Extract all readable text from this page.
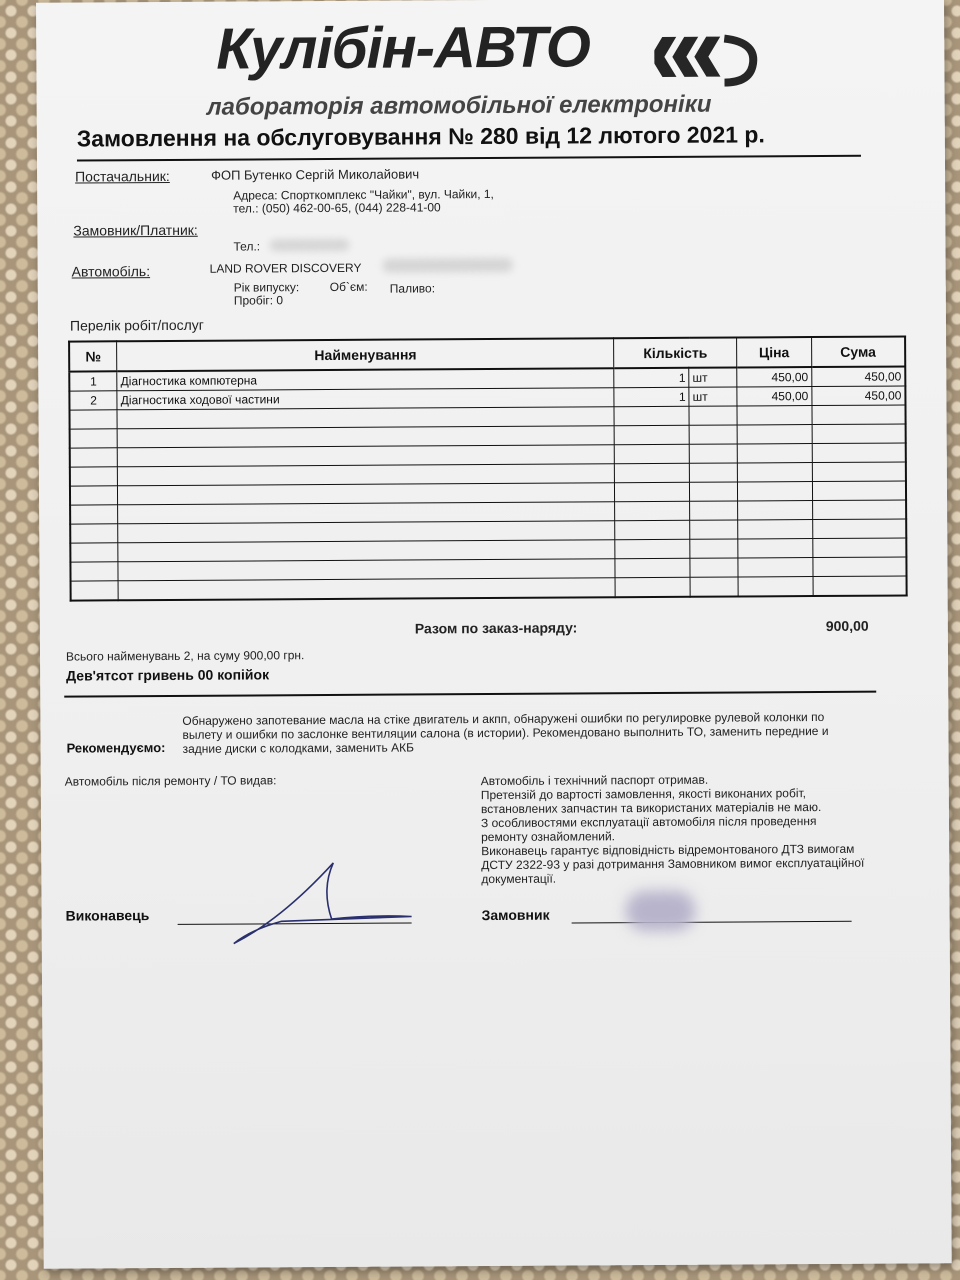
Кулібін-АВТО
лабораторія автомобільної електроніки
Замовлення на обслуговування № 280 від 12 лютого 2021 р.
Постачальник:	ФОП Бутенко Сергій Миколайович
Адреса: Спорткомплекс "Чайки", вул. Чайки, 1,
тел.: (050) 462-00-65, (044) 228-41-00
Замовник/Платник:
Тел.:
Автомобіль:	LAND ROVER DISCOVERY
Рік випуску:	Об`єм: Паливо:
Пробіг: 0
Перелік робіт/послуг
№	Найменування	Кількість		Ціна	Сума
1	Діагностика компютерна	1	шт	450,00	450,00
2	Діагностика ходової частини	1	шт	450,00	450,00

Разом по заказ-наряду:	900,00
Всього найменувань 2, на суму 900,00 грн.
Дев'ятсот гривень 00 копійок
Обнаружено запотевание масла на стіке двигатель и акпп, обнаружені ошибки по регулировке рулевой колонки по
вылету и ошибки по заслонке вентиляции салона (в истории). Рекомендовано выполнить ТО, заменить передние и
задние диски с колодками, заменить АКБ
Рекомендуємо:
Автомобіль після ремонту / ТО видав:	Автомобіль і технічний паспорт отримав.
Претензій до вартості замовлення, якості виконаних робіт,
встановлених запчастин та використаних матеріалів не маю.
З особливостями експлуатації автомобіля після проведення
ремонту ознайомлений.
Виконавець гарантує відповідність відремонтованого ДТЗ вимогам
ДСТУ 2322-93 у разі дотримання Замовником вимог експлуатаційної
документації.
Виконавець	Замовник
